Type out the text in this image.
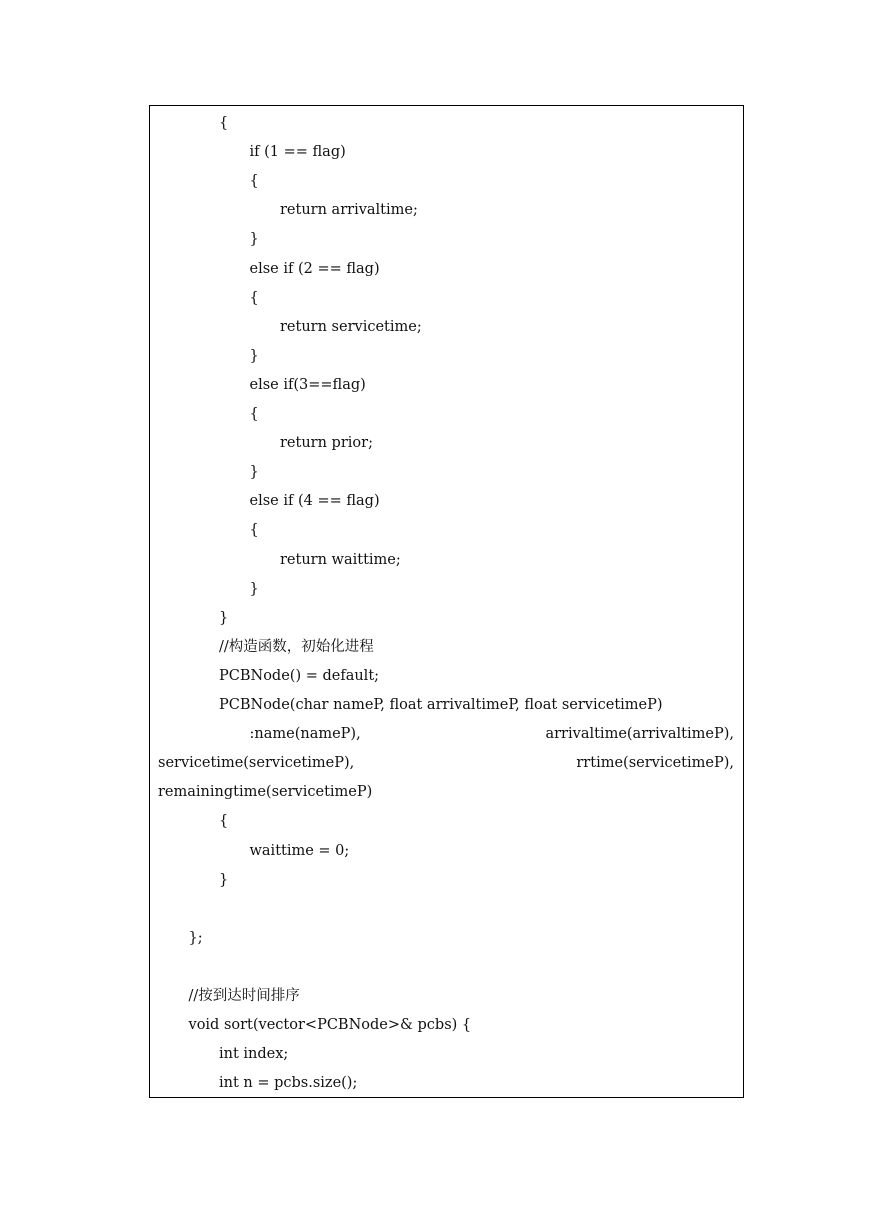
{
if (1 == flag)
{
return arrivaltime;
}
else if (2 == flag)
{
return servicetime;
}
else if(3==flag)
{
return prior;
}
else if (4 == flag)
{
return waittime;
}
}
//构造函数，初始化进程
PCBNode() = default;
PCBNode(char nameP, float arrivaltimeP, float servicetimeP)
:name(nameP),	arrivaltime(arrivaltimeP),
servicetime(servicetimeP),	rrtime(servicetimeP),
remainingtime(servicetimeP)
{
waittime = 0;
}
};
//按到达时间排序
void sort(vector<PCBNode>& pcbs) {
int index;
int n = pcbs.size();
